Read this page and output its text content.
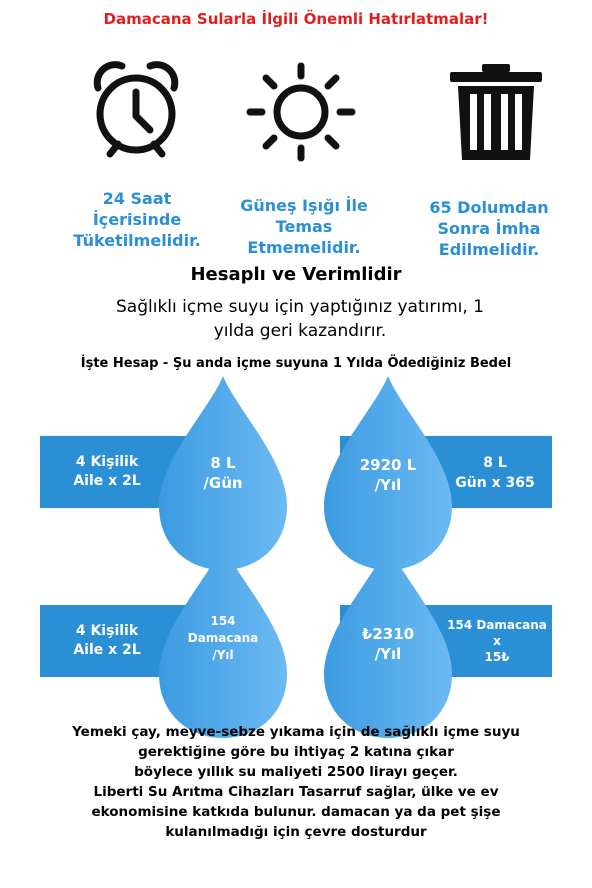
Damacana Sularla İlgili Önemli Hatırlatmalar!
24 Saat
İçerisinde
Tüketilmelidir.
Güneş Işığı İle
Temas
Etmemelidir.
65 Dolumdan
Sonra İmha
Edilmelidir.
Hesaplı ve Verimlidir
Sağlıklı içme suyu için yaptığınız yatırımı, 1
yılda geri kazandırır.
İşte Hesap - Şu anda içme suyuna 1 Yılda Ödediğiniz Bedel
4 Kişilik
Aile x 2L
8 L
/Gün
2920 L
/Yıl
8 L
Gün x 365
4 Kişilik
Aile x 2L
154
Damacana
/Yıl
₺2310
/Yıl
154 Damacana
x
15₺
Yemeki çay, meyve-sebze yıkama için de sağlıklı içme suyu
gerektiğine göre bu ihtiyaç 2 katına çıkar
böylece yıllık su maliyeti 2500 lirayı geçer.
Liberti Su Arıtma Cihazları Tasarruf sağlar, ülke ve ev
ekonomisine katkıda bulunur. damacan ya da pet şişe
kulanılmadığı için çevre dosturdur
